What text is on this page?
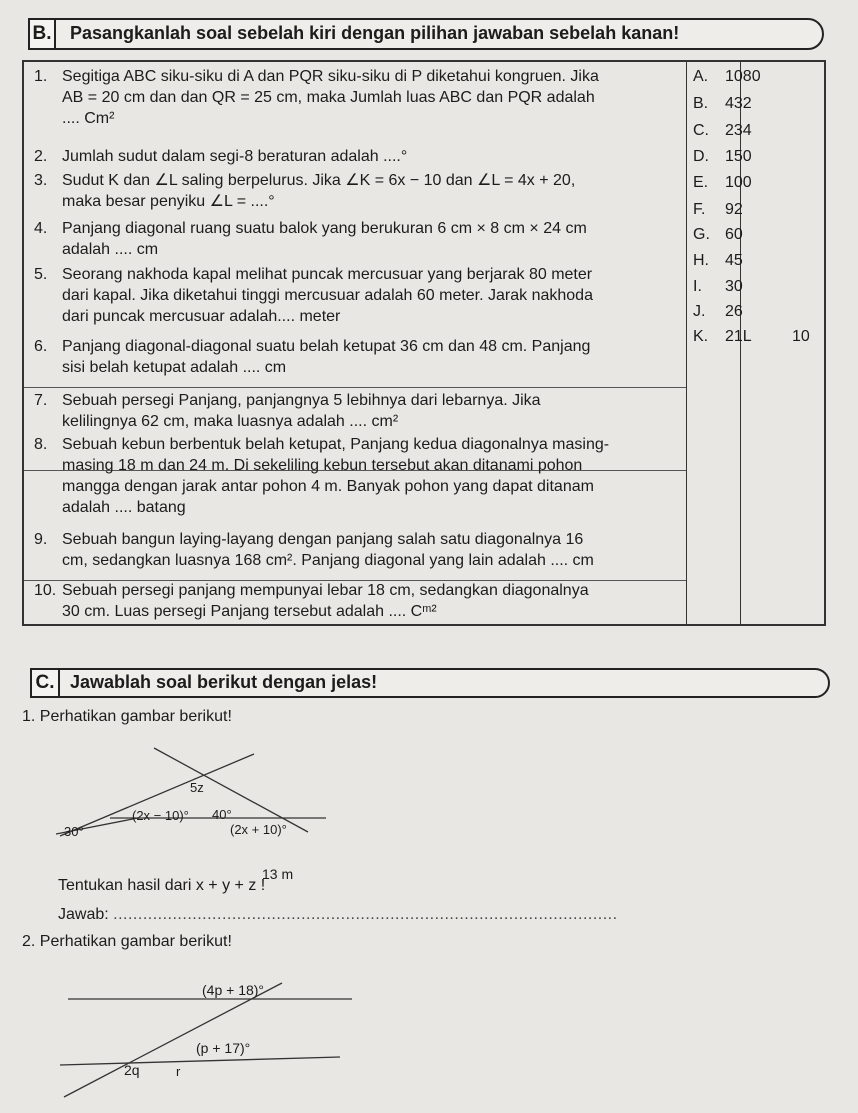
B. Pasangkanlah soal sebelah kiri dengan pilihan jawaban sebelah kanan!
1. Segitiga ABC siku-siku di A dan PQR siku-siku di P diketahui kongruen. Jika
AB = 20 cm dan dan QR = 25 cm, maka Jumlah luas ABC dan PQR adalah
.... Cm²
2. Jumlah sudut dalam segi-8 beraturan adalah ....°
3. Sudut K dan ∠L saling berpelurus. Jika ∠K = 6x − 10 dan ∠L = 4x + 20,
maka besar penyiku ∠L = ....°
4. Panjang diagonal ruang suatu balok yang berukuran 6 cm × 8 cm × 24 cm
adalah .... cm
5. Seorang nakhoda kapal melihat puncak mercusuar yang berjarak 80 meter
dari kapal. Jika diketahui tinggi mercusuar adalah 60 meter. Jarak nakhoda
dari puncak mercusuar adalah.... meter
6. Panjang diagonal-diagonal suatu belah ketupat 36 cm dan 48 cm. Panjang
sisi belah ketupat adalah .... cm
7. Sebuah persegi Panjang, panjangnya 5 lebihnya dari lebarnya. Jika
kelilingnya 62 cm, maka luasnya adalah .... cm²
8. Sebuah kebun berbentuk belah ketupat, Panjang kedua diagonalnya masing-
masing 18 m dan 24 m. Di sekeliling kebun tersebut akan ditanami pohon
mangga dengan jarak antar pohon 4 m. Banyak pohon yang dapat ditanam
adalah .... batang
9. Sebuah bangun laying-layang dengan panjang salah satu diagonalnya 16
cm, sedangkan luasnya 168 cm². Panjang diagonal yang lain adalah .... cm
10. Sebuah persegi panjang mempunyai lebar 18 cm, sedangkan diagonalnya
30 cm. Luas persegi Panjang tersebut adalah .... Cᵐ²
A. 1080
B. 432
C. 234
D. 150
E. 100
F. 92
G. 60
H. 45
I. 30
J. 26
K. 21L	10
C. Jawablah soal berikut dengan jelas!
1. Perhatikan gambar berikut!
5z
(2x − 10)° 40°
30°	(2x + 10)°
13 m
Tentukan hasil dari x + y + z !
Jawab: ......................................................................................................
2. Perhatikan gambar berikut!
(4p + 18)°
(p + 17)°
2q	r
